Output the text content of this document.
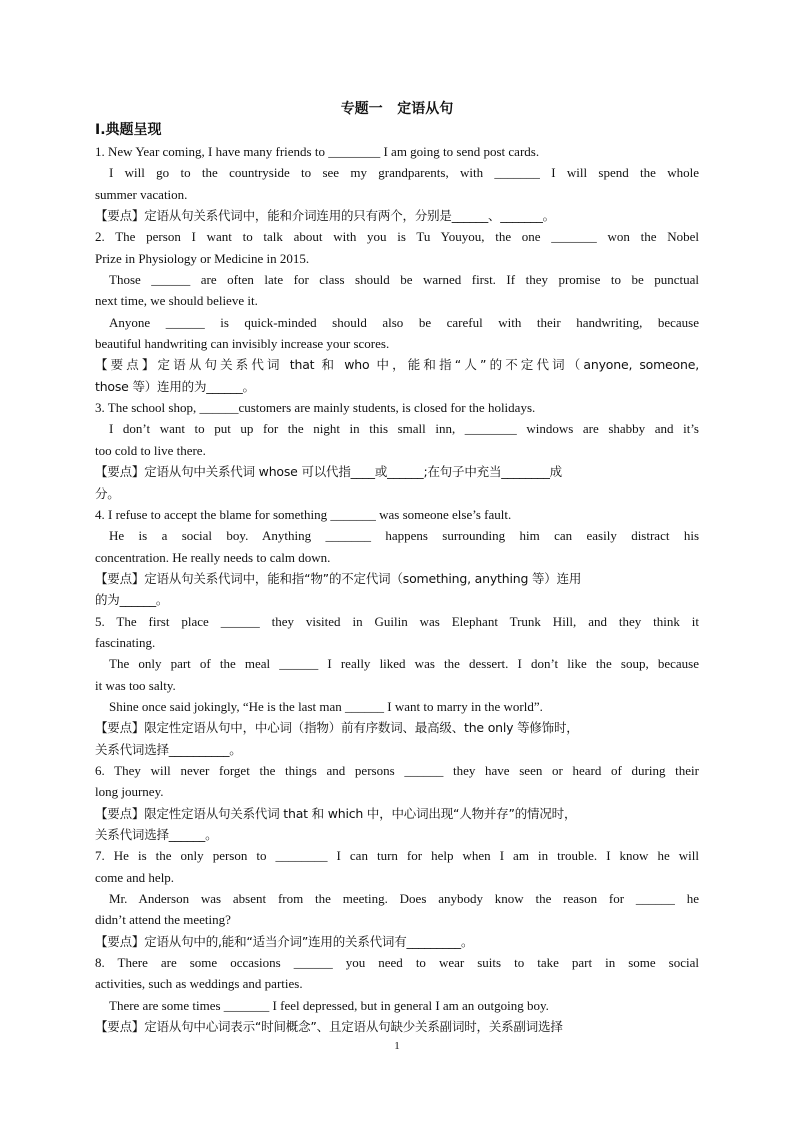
专题一   定语从句
I.典题呈现
1. New Year coming, I have many friends to ________ I am going to send post cards.
I will go to the countryside to see my grandparents, with _______ I will spend the whole
summer vacation.
【要点】定语从句关系代词中，能和介词连用的只有两个，分别是______、_______。
2. The person I want to talk about with you is Tu Youyou, the one _______ won the Nobel
Prize in Physiology or Medicine in 2015.
Those ______ are often late for class should be warned first. If they promise to be punctual
next time, we should believe it.
Anyone ______ is quick-minded should also be careful with their handwriting, because
beautiful handwriting can invisibly increase your scores.
【要点】定语从句关系代词 that 和 who 中，能和指“人”的不定代词（anyone, someone,
those 等）连用的为______。
3. The school shop, ______customers are mainly students, is closed for the holidays.
I don’t want to put up for the night in this small inn, ________ windows are shabby and it’s
too cold to live there.
【要点】定语从句中关系代词 whose 可以代指____或______;在句子中充当________成
分。
4. I refuse to accept the blame for something _______ was someone else’s fault.
He is a social boy. Anything _______ happens surrounding him can easily distract his
concentration. He really needs to calm down.
【要点】定语从句关系代词中，能和指“物”的不定代词（something, anything 等）连用
的为______。
5. The first place ______ they visited in Guilin was Elephant Trunk Hill, and they think it
fascinating.
The only part of the meal ______ I really liked was the dessert. I don’t like the soup, because
it was too salty.
Shine once said jokingly, “He is the last man ______ I want to marry in the world”.
【要点】限定性定语从句中，中心词（指物）前有序数词、最高级、the only 等修饰时，
关系代词选择__________。
6. They will never forget the things and persons ______ they have seen or heard of during their
long journey.
【要点】限定性定语从句关系代词 that 和 which 中，中心词出现“人物并存”的情况时，
关系代词选择______。
7. He is the only person to ________ I can turn for help when I am in trouble. I know he will
come and help.
Mr. Anderson was absent from the meeting. Does anybody know the reason for ______ he
didn’t attend the meeting?
【要点】定语从句中的,能和“适当介词”连用的关系代词有_________。
8. There are some occasions ______ you need to wear suits to take part in some social
activities, such as weddings and parties.
There are some times _______ I feel depressed, but in general I am an outgoing boy.
【要点】定语从句中心词表示“时间概念”、且定语从句缺少关系副词时，关系副词选择
1
